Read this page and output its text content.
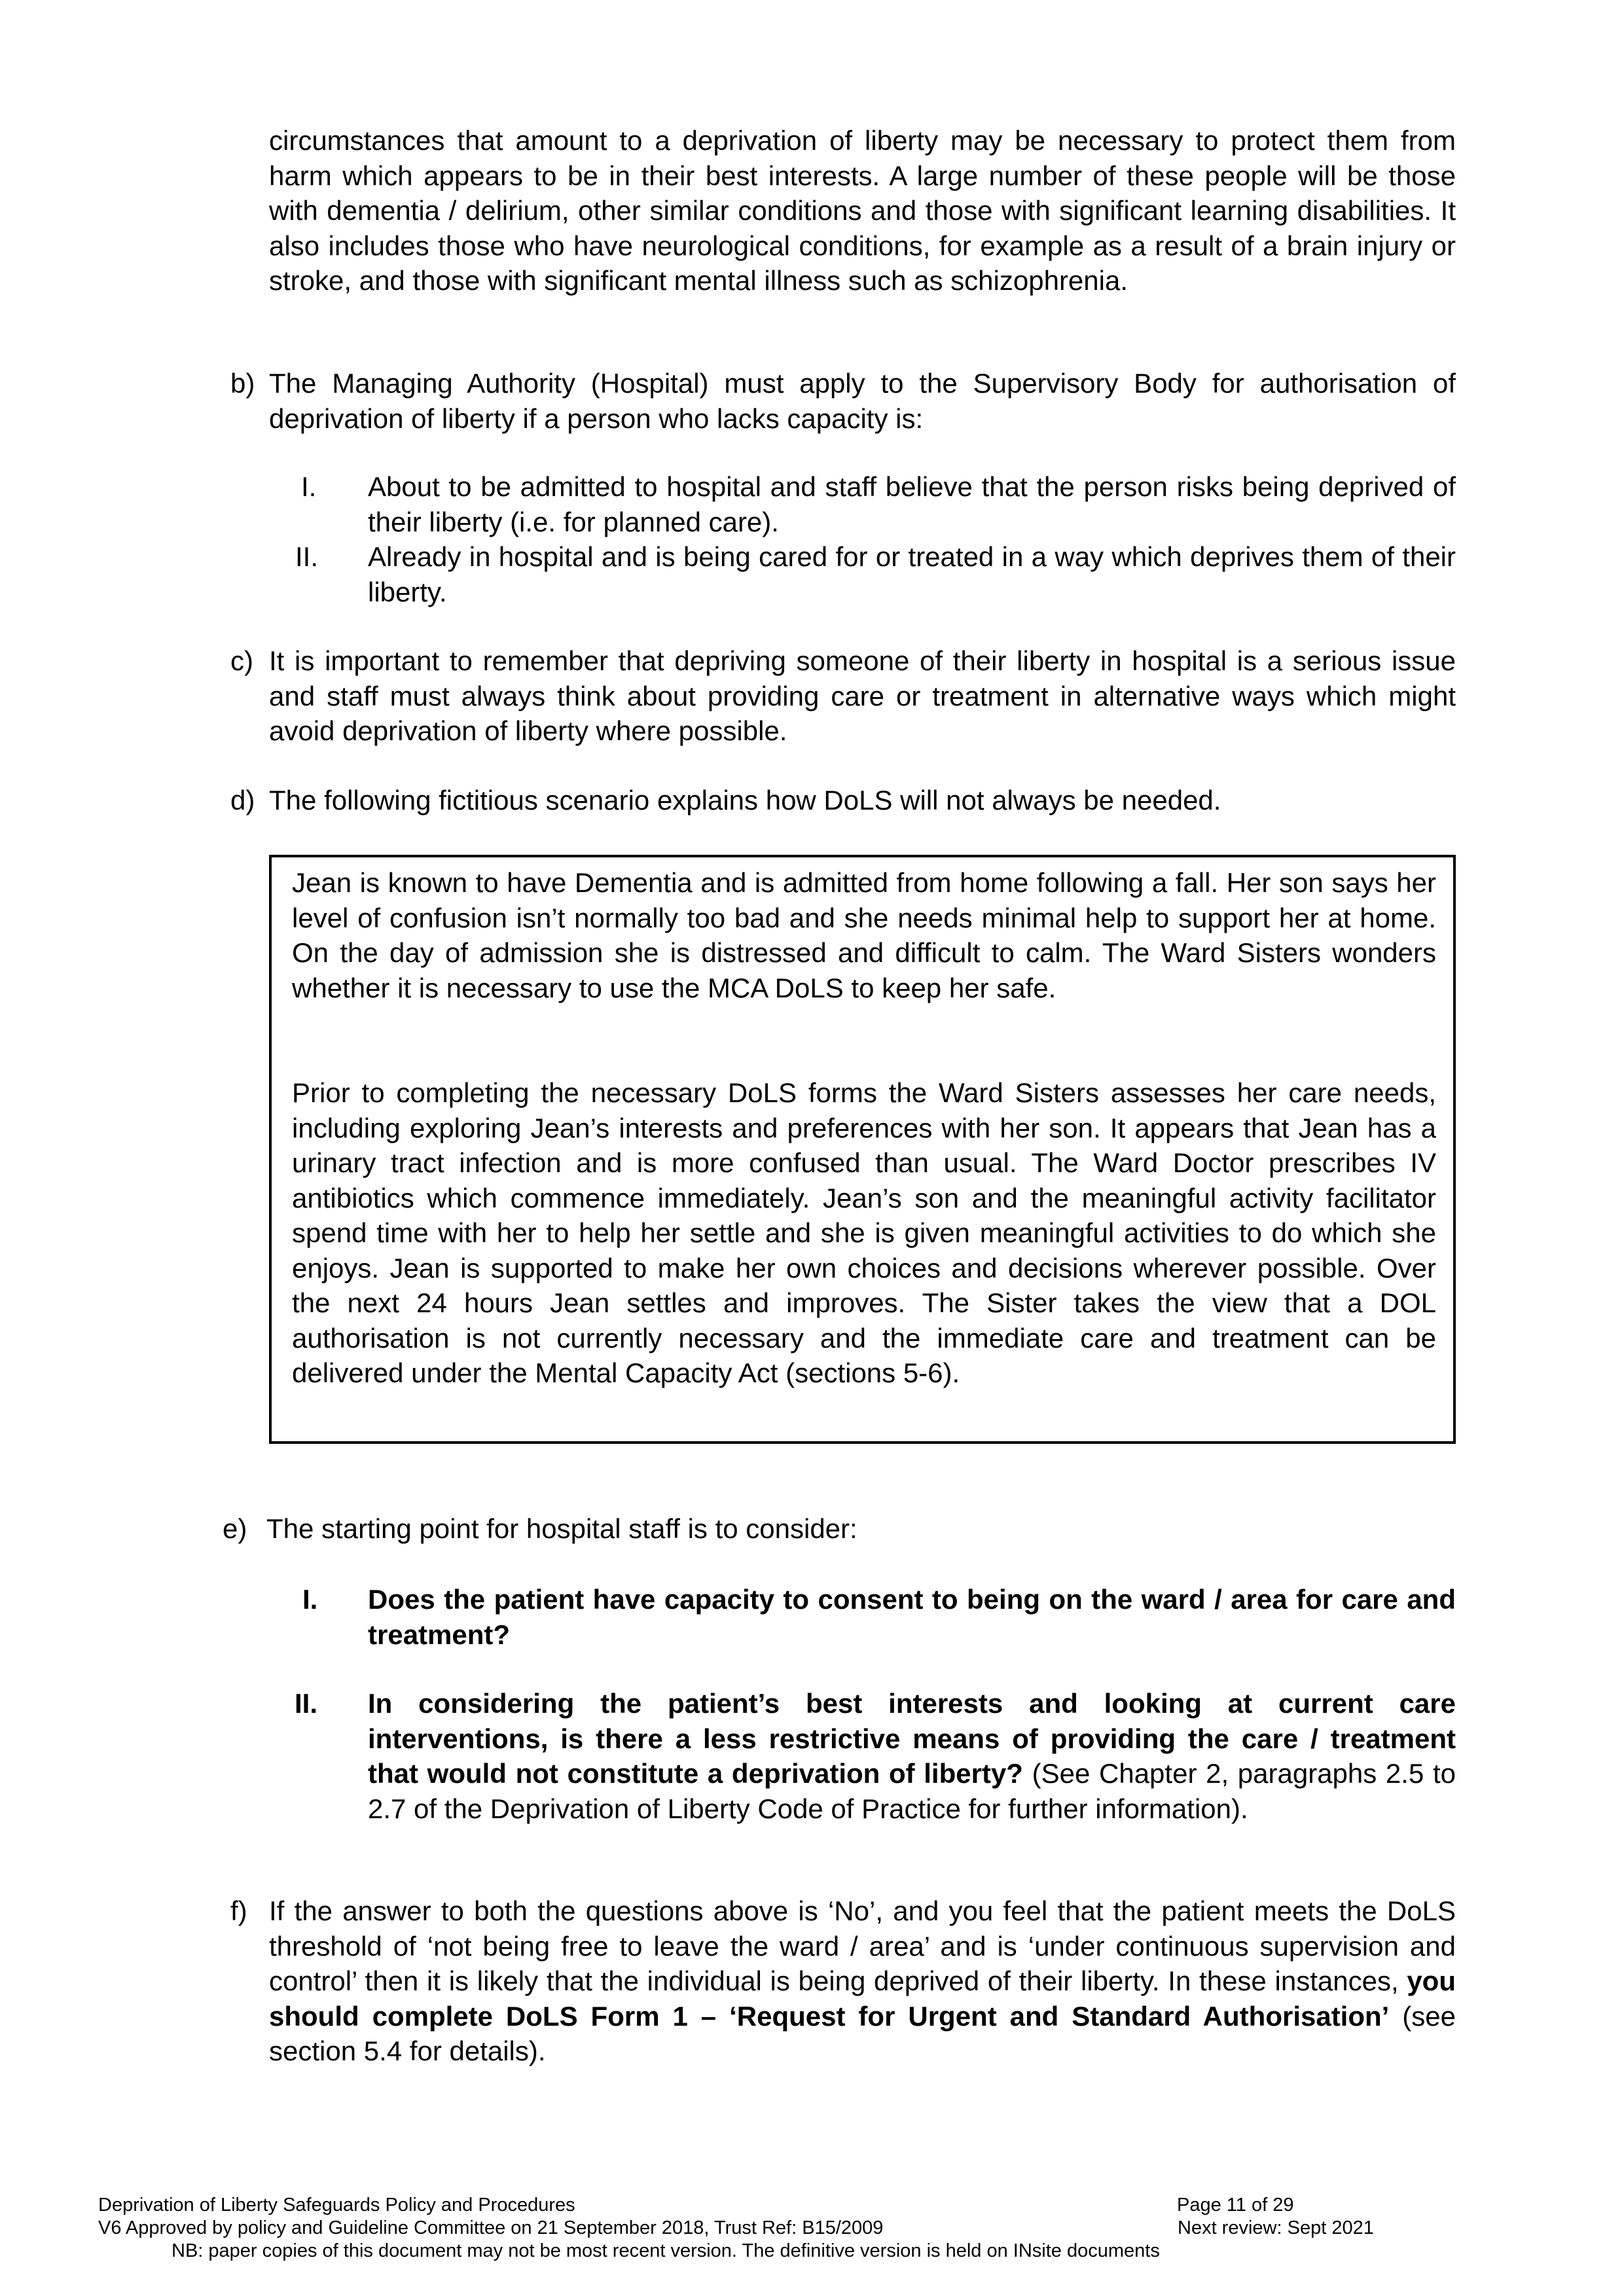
circumstances that amount to a deprivation of liberty may be necessary to protect them from harm which appears to be in their best interests. A large number of these people will be those with dementia / delirium, other similar conditions and those with significant learning disabilities. It also includes those who have neurological conditions, for example as a result of a brain injury or stroke, and those with significant mental illness such as schizophrenia.
b) The Managing Authority (Hospital) must apply to the Supervisory Body for authorisation of deprivation of liberty if a person who lacks capacity is:
I. About to be admitted to hospital and staff believe that the person risks being deprived of their liberty (i.e. for planned care).
II. Already in hospital and is being cared for or treated in a way which deprives them of their liberty.
c) It is important to remember that depriving someone of their liberty in hospital is a serious issue and staff must always think about providing care or treatment in alternative ways which might avoid deprivation of liberty where possible.
d) The following fictitious scenario explains how DoLS will not always be needed.
Jean is known to have Dementia and is admitted from home following a fall. Her son says her level of confusion isn’t normally too bad and she needs minimal help to support her at home. On the day of admission she is distressed and difficult to calm. The Ward Sisters wonders whether it is necessary to use the MCA DoLS to keep her safe.
Prior to completing the necessary DoLS forms the Ward Sisters assesses her care needs, including exploring Jean’s interests and preferences with her son. It appears that Jean has a urinary tract infection and is more confused than usual. The Ward Doctor prescribes IV antibiotics which commence immediately. Jean’s son and the meaningful activity facilitator spend time with her to help her settle and she is given meaningful activities to do which she enjoys. Jean is supported to make her own choices and decisions wherever possible. Over the next 24 hours Jean settles and improves. The Sister takes the view that a DOL authorisation is not currently necessary and the immediate care and treatment can be delivered under the Mental Capacity Act (sections 5-6).
e) The starting point for hospital staff is to consider:
I. Does the patient have capacity to consent to being on the ward / area for care and treatment?
II. In considering the patient’s best interests and looking at current care interventions, is there a less restrictive means of providing the care / treatment that would not constitute a deprivation of liberty? (See Chapter 2, paragraphs 2.5 to 2.7 of the Deprivation of Liberty Code of Practice for further information).
f) If the answer to both the questions above is ‘No’, and you feel that the patient meets the DoLS threshold of ‘not being free to leave the ward / area’ and is ‘under continuous supervision and control’ then it is likely that the individual is being deprived of their liberty. In these instances, you should complete DoLS Form 1 – ‘Request for Urgent and Standard Authorisation’ (see section 5.4 for details).
Deprivation of Liberty Safeguards Policy and Procedures	Page 11 of 29
V6 Approved by policy and Guideline Committee on 21 September 2018, Trust Ref: B15/2009	Next review: Sept 2021
NB: paper copies of this document may not be most recent version. The definitive version is held on INsite documents
